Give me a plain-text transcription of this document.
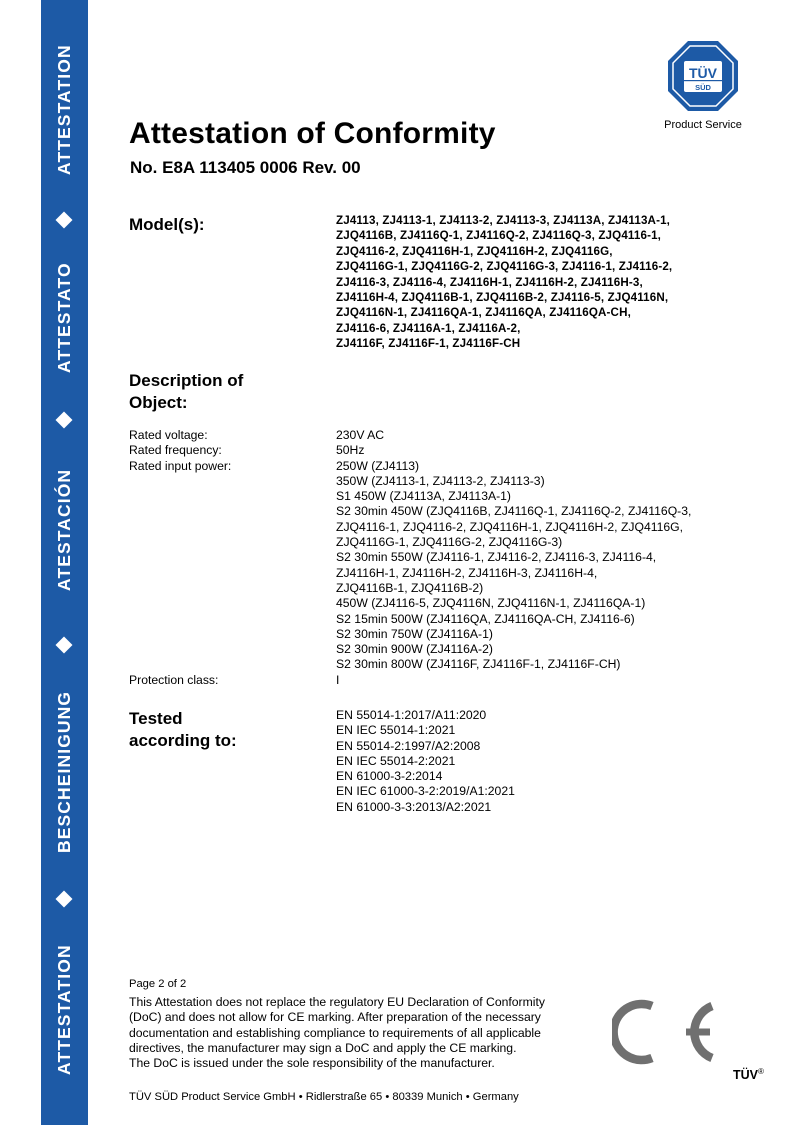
ATTESTATION
ATTESTATO
ATESTACIÓN
BESCHEINIGUNG
ATTESTATION
TÜV
SÜD
Product Service
Attestation of Conformity
No. E8A 113405 0006 Rev. 00
Model(s):	ZJ4113, ZJ4113-1, ZJ4113-2, ZJ4113-3, ZJ4113A, ZJ4113A-1,
ZJQ4116B, ZJ4116Q-1, ZJ4116Q-2, ZJ4116Q-3, ZJQ4116-1,
ZJQ4116-2, ZJQ4116H-1, ZJQ4116H-2, ZJQ4116G,
ZJQ4116G-1, ZJQ4116G-2, ZJQ4116G-3, ZJ4116-1, ZJ4116-2,
ZJ4116-3, ZJ4116-4, ZJ4116H-1, ZJ4116H-2, ZJ4116H-3,
ZJ4116H-4, ZJQ4116B-1, ZJQ4116B-2, ZJ4116-5, ZJQ4116N,
ZJQ4116N-1, ZJ4116QA-1, ZJ4116QA, ZJ4116QA-CH,
ZJ4116-6, ZJ4116A-1, ZJ4116A-2,
ZJ4116F, ZJ4116F-1, ZJ4116F-CH
Description of
Object:
Rated voltage:	230V AC
Rated frequency:	50Hz
Rated input power:	250W (ZJ4113)
350W (ZJ4113-1, ZJ4113-2, ZJ4113-3)
S1 450W (ZJ4113A, ZJ4113A-1)
S2 30min 450W (ZJQ4116B, ZJ4116Q-1, ZJ4116Q-2, ZJ4116Q-3,
ZJQ4116-1, ZJQ4116-2, ZJQ4116H-1, ZJQ4116H-2, ZJQ4116G,
ZJQ4116G-1, ZJQ4116G-2, ZJQ4116G-3)
S2 30min 550W (ZJ4116-1, ZJ4116-2, ZJ4116-3, ZJ4116-4,
ZJ4116H-1, ZJ4116H-2, ZJ4116H-3, ZJ4116H-4,
ZJQ4116B-1, ZJQ4116B-2)
450W (ZJ4116-5, ZJQ4116N, ZJQ4116N-1, ZJ4116QA-1)
S2 15min 500W (ZJ4116QA, ZJ4116QA-CH, ZJ4116-6)
S2 30min 750W (ZJ4116A-1)
S2 30min 900W (ZJ4116A-2)
S2 30min 800W (ZJ4116F, ZJ4116F-1, ZJ4116F-CH)
Protection class:	I
Tested
according to:
EN 55014-1:2017/A11:2020
EN IEC 55014-1:2021
EN 55014-2:1997/A2:2008
EN IEC 55014-2:2021
EN 61000-3-2:2014
EN IEC 61000-3-2:2019/A1:2021
EN 61000-3-3:2013/A2:2021
Page 2 of 2
This Attestation does not replace the regulatory EU Declaration of Conformity
(DoC) and does not allow for CE marking. After preparation of the necessary
documentation and establishing compliance to requirements of all applicable
directives, the manufacturer may sign a DoC and apply the CE marking.
The DoC is issued under the sole responsibility of the manufacturer.
TÜV SÜD Product Service GmbH • Ridlerstraße 65 • 80339 Munich • Germany
TÜV®
